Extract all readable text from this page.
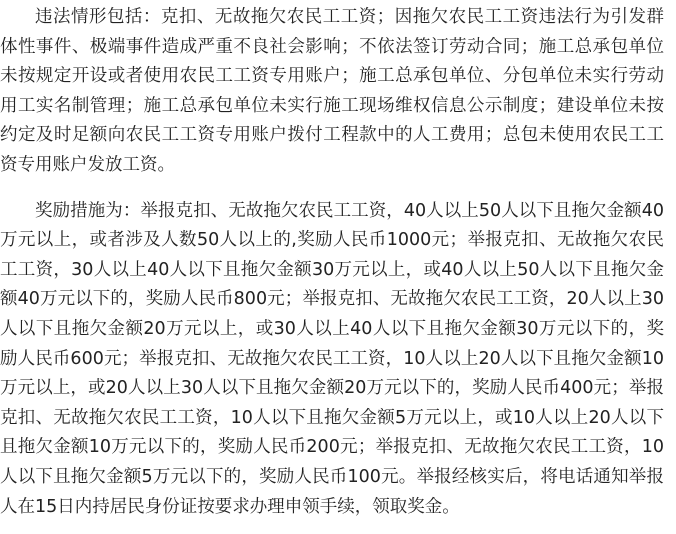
违法情形包括：克扣、无故拖欠农民工工资；因拖欠农民工工资违法行为引发群体性事件、极端事件造成严重不良社会影响；不依法签订劳动合同；施工总承包单位未按规定开设或者使用农民工工资专用账户；施工总承包单位、分包单位未实行劳动用工实名制管理；施工总承包单位未实行施工现场维权信息公示制度；建设单位未按约定及时足额向农民工工资专用账户拨付工程款中的人工费用；总包未使用农民工工资专用账户发放工资。

奖励措施为：举报克扣、无故拖欠农民工工资，40人以上50人以下且拖欠金额40万元以上，或者涉及人数50人以上的,奖励人民币1000元；举报克扣、无故拖欠农民工工资，30人以上40人以下且拖欠金额30万元以上，或40人以上50人以下且拖欠金额40万元以下的，奖励人民币800元；举报克扣、无故拖欠农民工工资，20人以上30人以下且拖欠金额20万元以上，或30人以上40人以下且拖欠金额30万元以下的，奖励人民币600元；举报克扣、无故拖欠农民工工资，10人以上20人以下且拖欠金额10万元以上，或20人以上30人以下且拖欠金额20万元以下的，奖励人民币400元；举报克扣、无故拖欠农民工工资，10人以下且拖欠金额5万元以上，或10人以上20人以下且拖欠金额10万元以下的，奖励人民币200元；举报克扣、无故拖欠农民工工资，10人以下且拖欠金额5万元以下的，奖励人民币100元。举报经核实后，将电话通知举报人在15日内持居民身份证按要求办理申领手续，领取奖金。
